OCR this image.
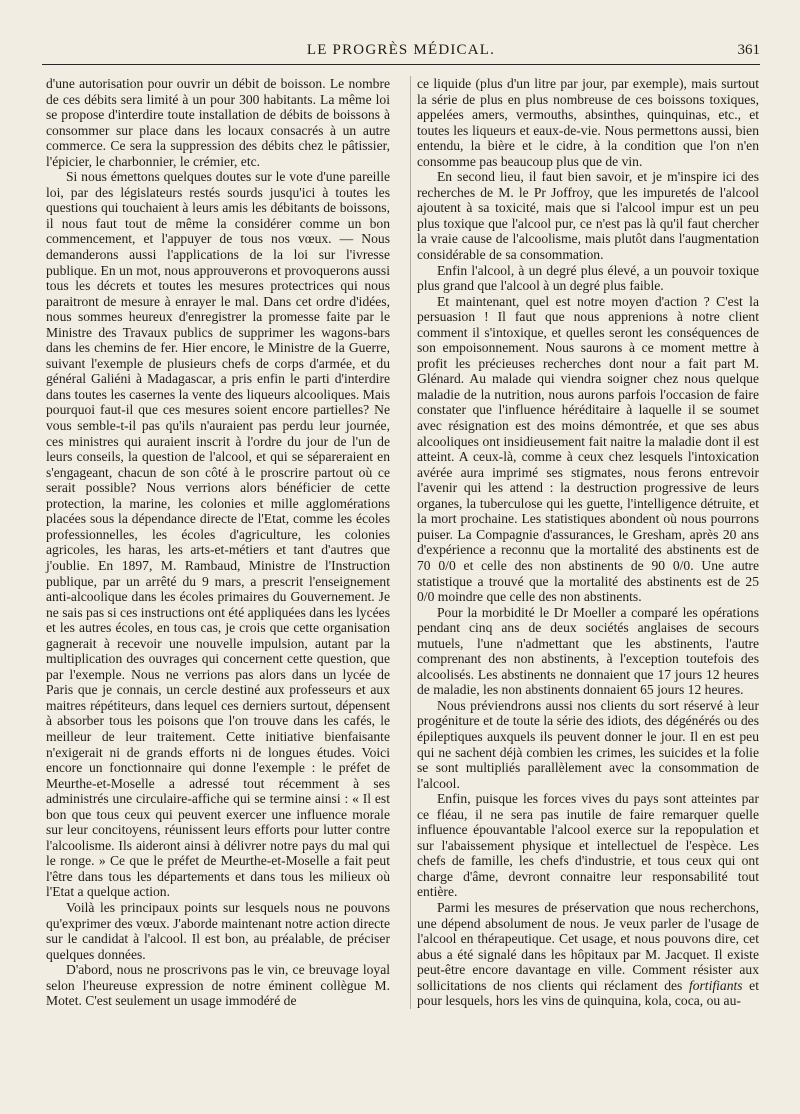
LE PROGRÈS MÉDICAL.	361

d'une autorisation pour ouvrir un débit de boisson. Le nombre de ces débits sera limité à un pour 300 habitants. La même loi se propose d'interdire toute installation de débits de boissons à consommer sur place dans les locaux consacrés à un autre commerce. Ce sera la suppression des débits chez le pâtissier, l'épicier, le charbonnier, le crémier, etc.

Si nous émettons quelques doutes sur le vote d'une pareille loi, par des législateurs restés sourds jusqu'ici à toutes les questions qui touchaient à leurs amis les débitants de boissons, il nous faut tout de même la considérer comme un bon commencement, et l'appuyer de tous nos vœux. — Nous demanderons aussi l'applications de la loi sur l'ivresse publique. En un mot, nous approuverons et provoquerons aussi tous les décrets et toutes les mesures protectrices qui nous paraitront de mesure à enrayer le mal. Dans cet ordre d'idées, nous sommes heureux d'enregistrer la promesse faite par le Ministre des Travaux publics de supprimer les wagons-bars dans les chemins de fer. Hier encore, le Ministre de la Guerre, suivant l'exemple de plusieurs chefs de corps d'armée, et du général Galiéni à Madagascar, a pris enfin le parti d'interdire dans toutes les casernes la vente des liqueurs alcooliques. Mais pourquoi faut-il que ces mesures soient encore partielles? Ne vous semble-t-il pas qu'ils n'auraient pas perdu leur journée, ces ministres qui auraient inscrit à l'ordre du jour de l'un de leurs conseils, la question de l'alcool, et qui se sépareraient en s'engageant, chacun de son côté à le proscrire partout où ce serait possible? Nous verrions alors bénéficier de cette protection, la marine, les colonies et mille agglomérations placées sous la dépendance directe de l'Etat, comme les écoles professionnelles, les écoles d'agriculture, les colonies agricoles, les haras, les arts-et-métiers et tant d'autres que j'oublie. En 1897, M. Rambaud, Ministre de l'Instruction publique, par un arrêté du 9 mars, a prescrit l'enseignement anti-alcoolique dans les écoles primaires du Gouvernement. Je ne sais pas si ces instructions ont été appliquées dans les lycées et les autres écoles, en tous cas, je crois que cette organisation gagnerait à recevoir une nouvelle impulsion, autant par la multiplication des ouvrages qui concernent cette question, que par l'exemple. Nous ne verrions pas alors dans un lycée de Paris que je connais, un cercle destiné aux professeurs et aux maitres répétiteurs, dans lequel ces derniers surtout, dépensent à absorber tous les poisons que l'on trouve dans les cafés, le meilleur de leur traitement. Cette initiative bienfaisante n'exigerait ni de grands efforts ni de longues études. Voici encore un fonctionnaire qui donne l'exemple : le préfet de Meurthe-et-Moselle a adressé tout récemment à ses administrés une circulaire-affiche qui se termine ainsi : « Il est bon que tous ceux qui peuvent exercer une influence morale sur leur concitoyens, réunissent leurs efforts pour lutter contre l'alcoolisme. Ils aideront ainsi à délivrer notre pays du mal qui le ronge. » Ce que le préfet de Meurthe-et-Moselle a fait peut l'être dans tous les départements et dans tous les milieux où l'Etat a quelque action.

Voilà les principaux points sur lesquels nous ne pouvons qu'exprimer des vœux. J'aborde maintenant notre action directe sur le candidat à l'alcool. Il est bon, au préalable, de préciser quelques données.

D'abord, nous ne proscrivons pas le vin, ce breuvage loyal selon l'heureuse expression de notre éminent collègue M. Motet. C'est seulement un usage immodéré de

ce liquide (plus d'un litre par jour, par exemple), mais surtout la série de plus en plus nombreuse de ces boissons toxiques, appelées amers, vermouths, absinthes, quinquinas, etc., et toutes les liqueurs et eaux-de-vie. Nous permettons aussi, bien entendu, la bière et le cidre, à la condition que l'on n'en consomme pas beaucoup plus que de vin.

En second lieu, il faut bien savoir, et je m'inspire ici des recherches de M. le Pr Joffroy, que les impuretés de l'alcool ajoutent à sa toxicité, mais que si l'alcool impur est un peu plus toxique que l'alcool pur, ce n'est pas là qu'il faut chercher la vraie cause de l'alcoolisme, mais plutôt dans l'augmentation considérable de sa consommation.

Enfin l'alcool, à un degré plus élevé, a un pouvoir toxique plus grand que l'alcool à un degré plus faible.

Et maintenant, quel est notre moyen d'action ? C'est la persuasion ! Il faut que nous apprenions à notre client comment il s'intoxique, et quelles seront les conséquences de son empoisonnement. Nous saurons à ce moment mettre à profit les précieuses recherches dont nour a fait part M. Glénard. Au malade qui viendra soigner chez nous quelque maladie de la nutrition, nous aurons parfois l'occasion de faire constater que l'influence héréditaire à laquelle il se soumet avec résignation est des moins démontrée, et que ses abus alcooliques ont insidieusement fait naitre la maladie dont il est atteint. A ceux-là, comme à ceux chez lesquels l'intoxication avérée aura imprimé ses stigmates, nous ferons entrevoir l'avenir qui les attend : la destruction progressive de leurs organes, la tuberculose qui les guette, l'intelligence détruite, et la mort prochaine. Les statistiques abondent où nous pourrons puiser. La Compagnie d'assurances, le Gresham, après 20 ans d'expérience a reconnu que la mortalité des abstinents est de 70 0/0 et celle des non abstinents de 90 0/0. Une autre statistique a trouvé que la mortalité des abstinents est de 25 0/0 moindre que celle des non abstinents.

Pour la morbidité le Dr Moeller a comparé les opérations pendant cinq ans de deux sociétés anglaises de secours mutuels, l'une n'admettant que les abstinents, l'autre comprenant des non abstinents, à l'exception toutefois des alcoolisés. Les abstinents ne donnaient que 17 jours 12 heures de maladie, les non abstinents donnaient 65 jours 12 heures.

Nous préviendrons aussi nos clients du sort réservé à leur progéniture et de toute la série des idiots, des dégénérés ou des épileptiques auxquels ils peuvent donner le jour. Il en est peu qui ne sachent déjà combien les crimes, les suicides et la folie se sont multipliés parallèlement avec la consommation de l'alcool.

Enfin, puisque les forces vives du pays sont atteintes par ce fléau, il ne sera pas inutile de faire remarquer quelle influence épouvantable l'alcool exerce sur la repopulation et sur l'abaissement physique et intellectuel de l'espèce. Les chefs de famille, les chefs d'industrie, et tous ceux qui ont charge d'âme, devront connaitre leur responsabilité tout entière.

Parmi les mesures de préservation que nous recherchons, une dépend absolument de nous. Je veux parler de l'usage de l'alcool en thérapeutique. Cet usage, et nous pouvons dire, cet abus a été signalé dans les hôpitaux par M. Jacquet. Il existe peut-être encore davantage en ville. Comment résister aux sollicitations de nos clients qui réclament des fortifiants et pour lesquels, hors les vins de quinquina, kola, coca, ou au-
